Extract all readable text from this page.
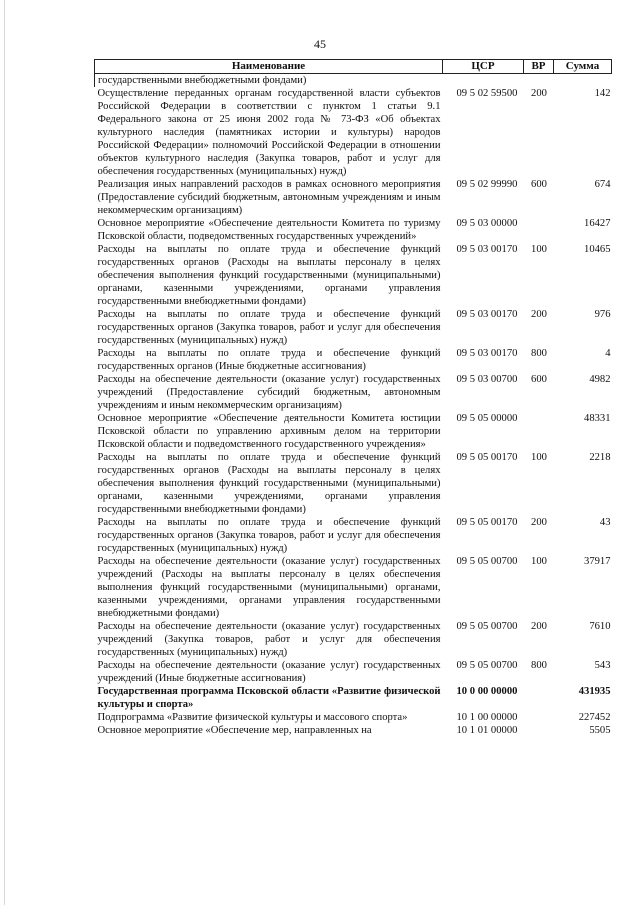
45
Наименование	ЦСР	ВР	Сумма
государственными внебюджетными фондами)			
Осуществление переданных органам государственной власти субъектов Российской Федерации в соответствии с пунктом 1 статьи 9.1 Федерального закона от 25 июня 2002 года № 73-ФЗ «Об объектах культурного наследия (памятниках истории и культуры) народов Российской Федерации» полномочий Российской Федерации в отношении объектов культурного наследия (Закупка товаров, работ и услуг для обеспечения государственных (муниципальных) нужд)	09 5 02 59500	200	142
Реализация иных направлений расходов в рамках основного мероприятия (Предоставление субсидий бюджетным, автономным учреждениям и иным некоммерческим организациям)	09 5 02 99990	600	674
Основное мероприятие «Обеспечение деятельности Комитета по туризму Псковской области, подведомственных государственных учреждений»	09 5 03 00000		16427
Расходы на выплаты по оплате труда и обеспечение функций государственных органов (Расходы на выплаты персоналу в целях обеспечения выполнения функций государственными (муниципальными) органами, казенными учреждениями, органами управления государственными внебюджетными фондами)	09 5 03 00170	100	10465
Расходы на выплаты по оплате труда и обеспечение функций государственных органов (Закупка товаров, работ и услуг для обеспечения государственных (муниципальных) нужд)	09 5 03 00170	200	976
Расходы на выплаты по оплате труда и обеспечение функций государственных органов (Иные бюджетные ассигнования)	09 5 03 00170	800	4
Расходы на обеспечение деятельности (оказание услуг) государственных учреждений (Предоставление субсидий бюджетным, автономным учреждениям и иным некоммерческим организациям)	09 5 03 00700	600	4982
Основное мероприятие «Обеспечение деятельности Комитета юстиции Псковской области по управлению архивным делом на территории Псковской области и подведомственного государственного учреждения»	09 5 05 00000		48331
Расходы на выплаты по оплате труда и обеспечение функций государственных органов (Расходы на выплаты персоналу в целях обеспечения выполнения функций государственными (муниципальными) органами, казенными учреждениями, органами управления государственными внебюджетными фондами)	09 5 05 00170	100	2218
Расходы на выплаты по оплате труда и обеспечение функций государственных органов (Закупка товаров, работ и услуг для обеспечения государственных (муниципальных) нужд)	09 5 05 00170	200	43
Расходы на обеспечение деятельности (оказание услуг) государственных учреждений (Расходы на выплаты персоналу в целях обеспечения выполнения функций государственными (муниципальными) органами, казенными учреждениями, органами управления государственными внебюджетными фондами)	09 5 05 00700	100	37917
Расходы на обеспечение деятельности (оказание услуг) государственных учреждений (Закупка товаров, работ и услуг для обеспечения государственных (муниципальных) нужд)	09 5 05 00700	200	7610
Расходы на обеспечение деятельности (оказание услуг) государственных учреждений (Иные бюджетные ассигнования)	09 5 05 00700	800	543
Государственная программа Псковской области «Развитие физической культуры и спорта»	10 0 00 00000		431935
Подпрограмма «Развитие физической культуры и массового спорта»	10 1 00 00000		227452
Основное мероприятие «Обеспечение мер, направленных на	10 1 01 00000		5505
